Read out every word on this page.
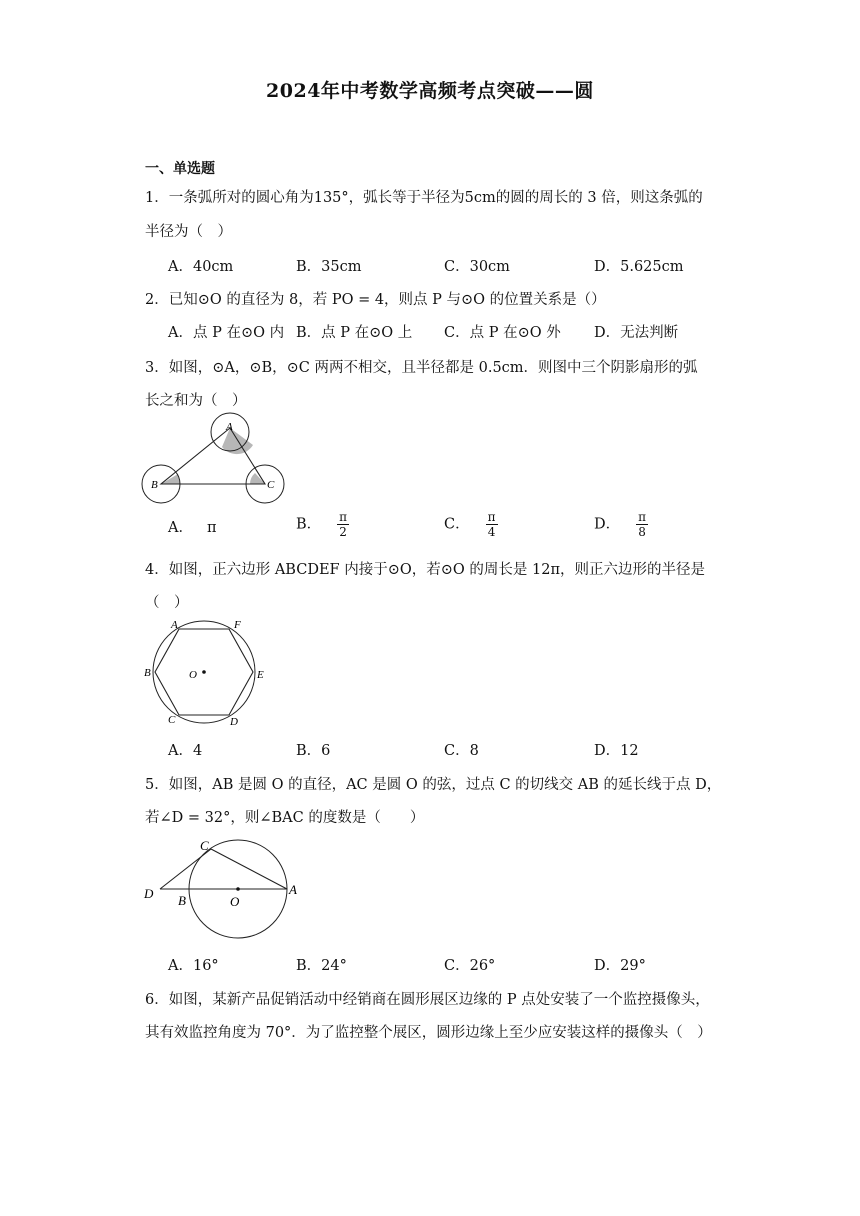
2024年中考数学高频考点突破——圆
一、单选题
1．一条弧所对的圆心角为135°，弧长等于半径为5cm的圆的周长的 3 倍，则这条弧的
半径为（　）
A．40cm	B．35cm	C．30cm	D．5.625cm
2．已知⊙O 的直径为 8，若 PO = 4，则点 P 与⊙O 的位置关系是（）
A．点 P 在⊙O 内 B．点 P 在⊙O 上 C．点 P 在⊙O 外 D．无法判断
3．如图，⊙A，⊙B，⊙C 两两不相交，且半径都是 0.5cm．则图中三个阴影扇形的弧
长之和为（　）
A
B	C
A． π	B． $\frac{\pi}{2}$	C． $\frac{\pi}{4}$	D． $\frac{\pi}{8}$
4．如图，正六边形 ABCDEF 内接于⊙O，若⊙O 的周长是 12π，则正六边形的半径是
（　）
A	F
B	O	E
C	D
A．4	B．6	C．8	D．12
5．如图，AB 是圆 O 的直径，AC 是圆 O 的弦，过点 C 的切线交 AB 的延长线于点 D，
若∠D = 32°，则∠BAC 的度数是（　　）
C
D B	O
A
A．16°	B．24°	C．26°	D．29°
6．如图，某新产品促销活动中经销商在圆形展区边缘的 P 点处安装了一个监控摄像头，
其有效监控角度为 70°．为了监控整个展区，圆形边缘上至少应安装这样的摄像头（　）
